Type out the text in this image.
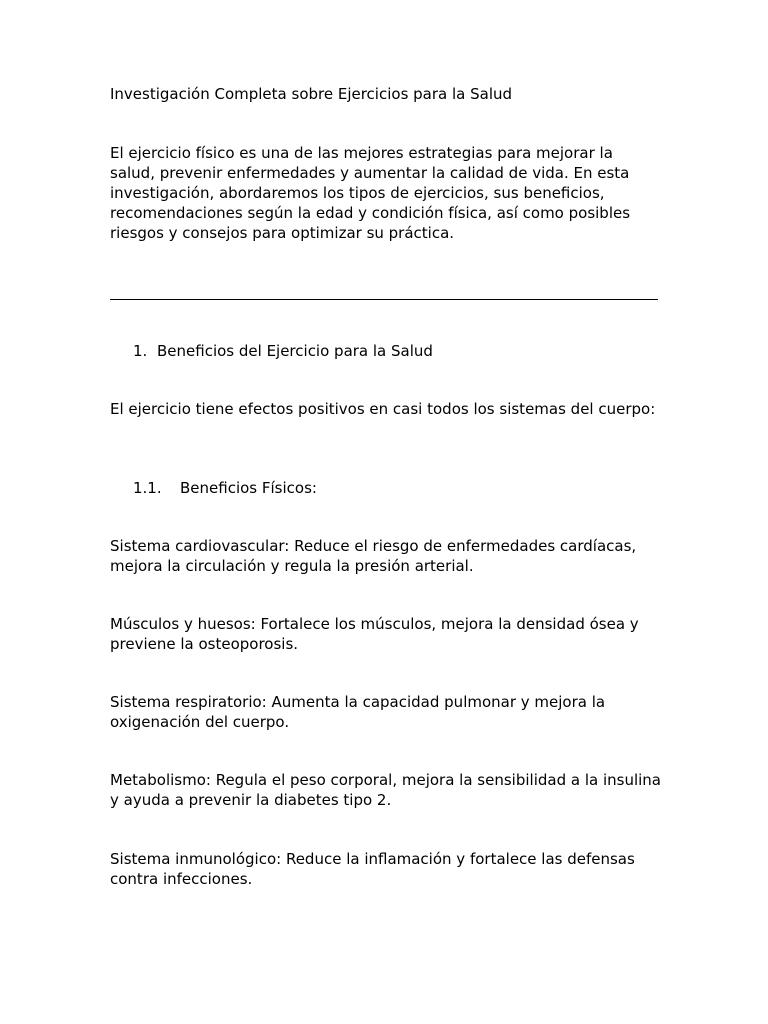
Investigación Completa sobre Ejercicios para la Salud

El ejercicio físico es una de las mejores estrategias para mejorar la salud, prevenir enfermedades y aumentar la calidad de vida. En esta investigación, abordaremos los tipos de ejercicios, sus beneficios, recomendaciones según la edad y condición física, así como posibles riesgos y consejos para optimizar su práctica.

1. Beneficios del Ejercicio para la Salud

El ejercicio tiene efectos positivos en casi todos los sistemas del cuerpo:

1.1. Beneficios Físicos:

Sistema cardiovascular: Reduce el riesgo de enfermedades cardíacas, mejora la circulación y regula la presión arterial.

Músculos y huesos: Fortalece los músculos, mejora la densidad ósea y previene la osteoporosis.

Sistema respiratorio: Aumenta la capacidad pulmonar y mejora la oxigenación del cuerpo.

Metabolismo: Regula el peso corporal, mejora la sensibilidad a la insulina y ayuda a prevenir la diabetes tipo 2.

Sistema inmunológico: Reduce la inflamación y fortalece las defensas contra infecciones.
